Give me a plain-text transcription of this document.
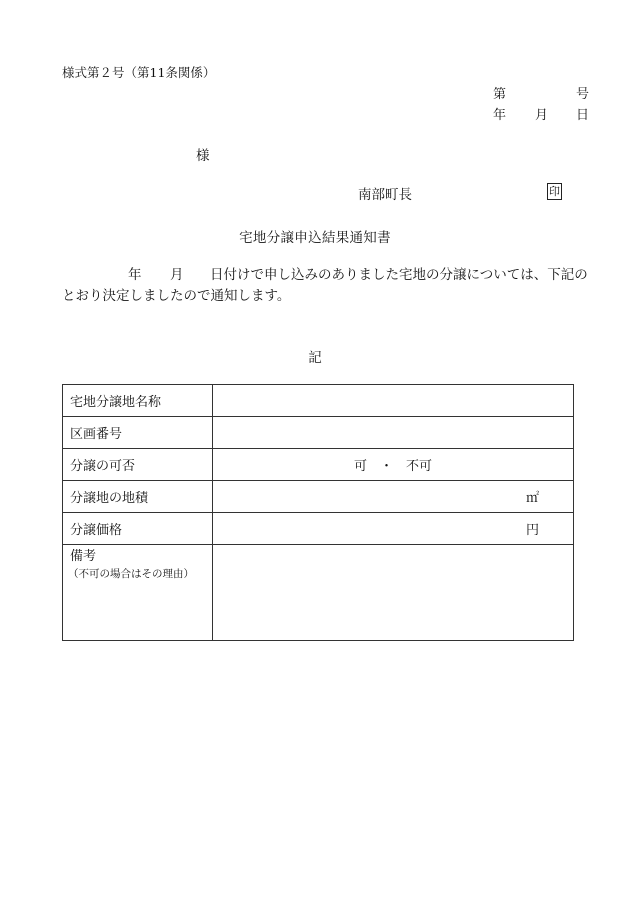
様式第２号（第11条関係）
第	号
年 月 日
様
南部町長	印
宅地分譲申込結果通知書
年 月 日付けで申し込みのありました宅地の分譲については、下記の
とおり決定しましたので通知します。
記
宅地分譲地名称	
区画番号	
分譲の可否	可　・　不可
分譲地の地積	㎡
分譲価格	円
備考
（不可の場合はその理由）	
